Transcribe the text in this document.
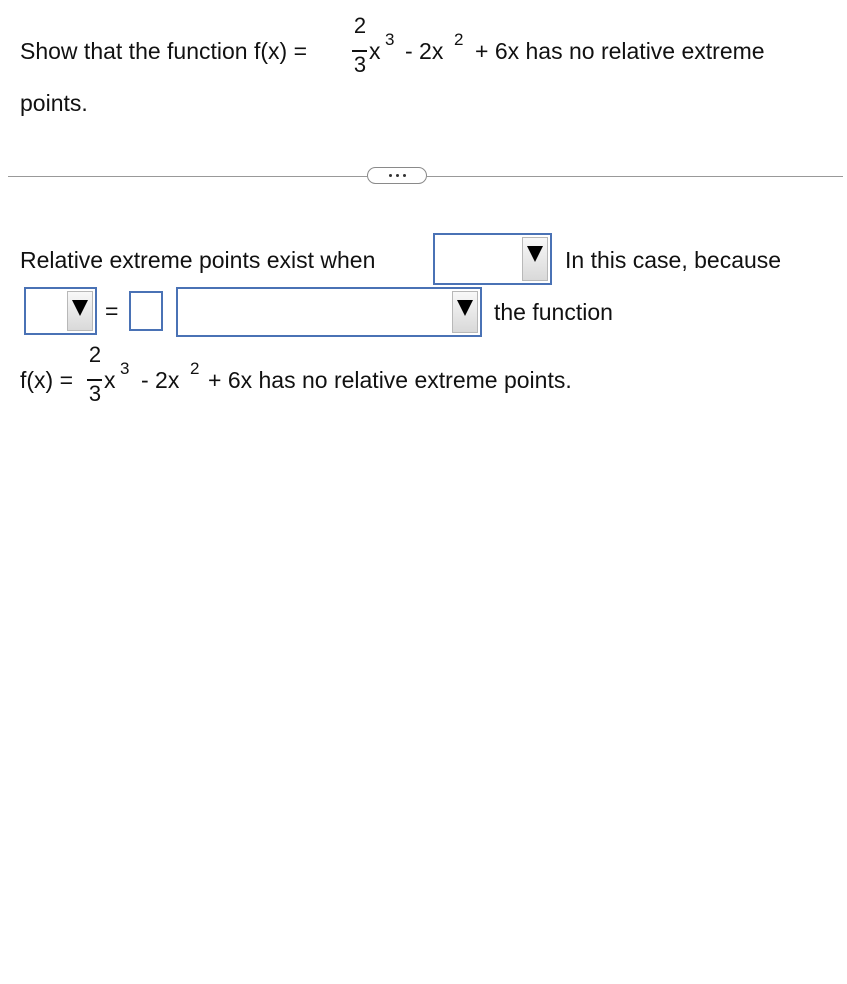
Show that the function f(x) =
2
3
x 3 - 2x 2 + 6x has no relative extreme
points.
Relative extreme points exist when	In this case, because
=	the function
f(x) =
2
3
x 3 - 2x 2 + 6x has no relative extreme points.
